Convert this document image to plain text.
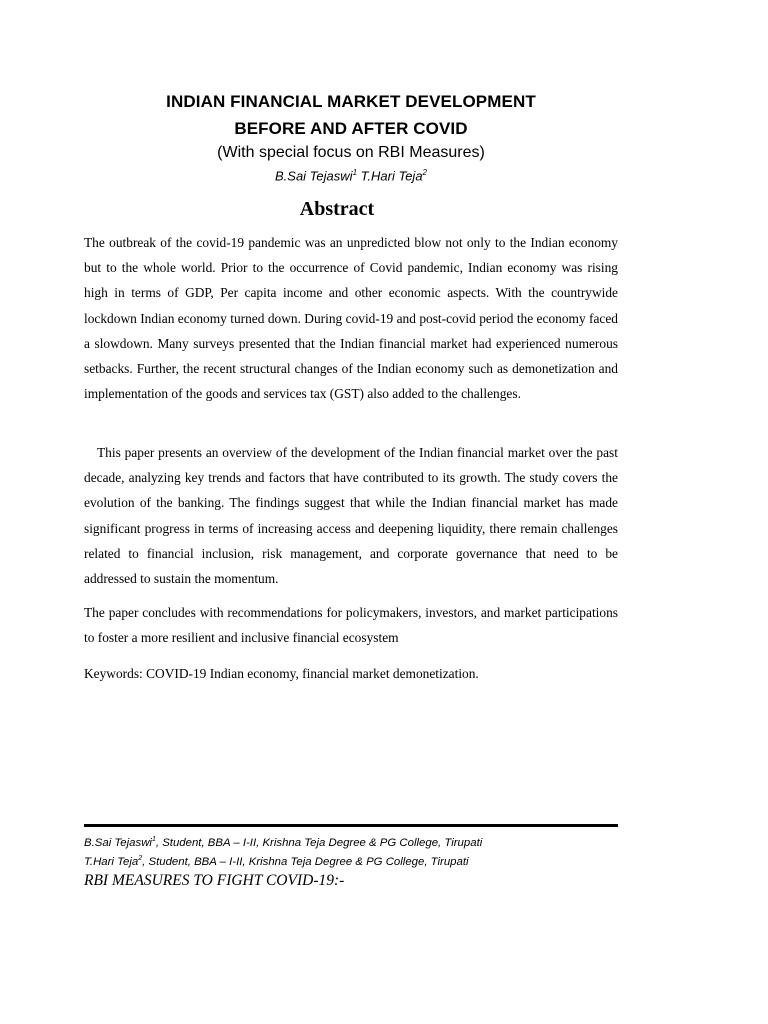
INDIAN FINANCIAL MARKET DEVELOPMENT
BEFORE AND AFTER COVID
(With special focus on RBI Measures)
B.Sai Tejaswi$^1$ T.Hari Teja$^2$
Abstract

The outbreak of the covid-19 pandemic was an unpredicted blow not only to the Indian economy but to the whole world. Prior to the occurrence of Covid pandemic, Indian economy was rising high in terms of GDP, Per capita income and other economic aspects. With the countrywide lockdown Indian economy turned down. During covid-19 and post-covid period the economy faced a slowdown. Many surveys presented that the Indian financial market had experienced numerous setbacks. Further, the recent structural changes of the Indian economy such as demonetization and implementation of the goods and services tax (GST) also added to the challenges.

This paper presents an overview of the development of the Indian financial market over the past decade, analyzing key trends and factors that have contributed to its growth. The study covers the evolution of the banking. The findings suggest that while the Indian financial market has made significant progress in terms of increasing access and deepening liquidity, there remain challenges related to financial inclusion, risk management, and corporate governance that need to be addressed to sustain the momentum.

The paper concludes with recommendations for policymakers, investors, and market participations to foster a more resilient and inclusive financial ecosystem

Keywords: COVID-19 Indian economy, financial market demonetization.

B.Sai Tejaswi$^1$, Student, BBA – I-II, Krishna Teja Degree & PG College, Tirupati
T.Hari Teja$^2$, Student, BBA – I-II, Krishna Teja Degree & PG College, Tirupati
RBI MEASURES TO FIGHT COVID-19:-
